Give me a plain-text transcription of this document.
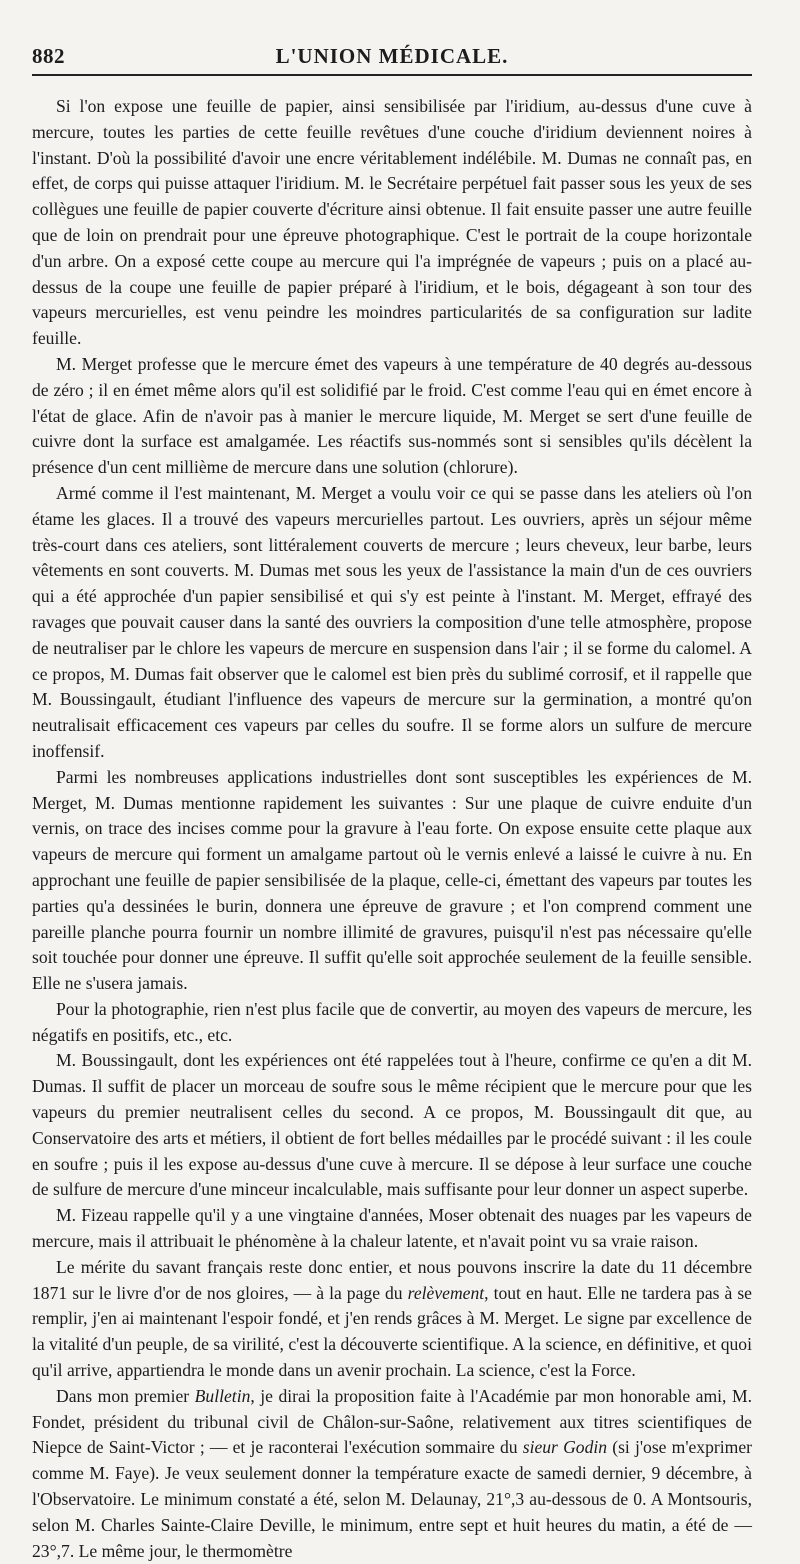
882	L'UNION MÉDICALE.

Si l'on expose une feuille de papier, ainsi sensibilisée par l'iridium, au-dessus d'une cuve à mercure, toutes les parties de cette feuille revêtues d'une couche d'iridium deviennent noires à l'instant. D'où la possibilité d'avoir une encre véritablement indélébile. M. Dumas ne connaît pas, en effet, de corps qui puisse attaquer l'iridium. M. le Secrétaire perpétuel fait passer sous les yeux de ses collègues une feuille de papier couverte d'écriture ainsi obtenue. Il fait ensuite passer une autre feuille que de loin on prendrait pour une épreuve photographique. C'est le portrait de la coupe horizontale d'un arbre. On a exposé cette coupe au mercure qui l'a imprégnée de vapeurs ; puis on a placé au-dessus de la coupe une feuille de papier préparé à l'iridium, et le bois, dégageant à son tour des vapeurs mercurielles, est venu peindre les moindres particularités de sa configuration sur ladite feuille.

M. Merget professe que le mercure émet des vapeurs à une température de 40 degrés au-dessous de zéro ; il en émet même alors qu'il est solidifié par le froid. C'est comme l'eau qui en émet encore à l'état de glace. Afin de n'avoir pas à manier le mercure liquide, M. Merget se sert d'une feuille de cuivre dont la surface est amalgamée. Les réactifs sus-nommés sont si sensibles qu'ils décèlent la présence d'un cent millième de mercure dans une solution (chlorure).

Armé comme il l'est maintenant, M. Merget a voulu voir ce qui se passe dans les ateliers où l'on étame les glaces. Il a trouvé des vapeurs mercurielles partout. Les ouvriers, après un séjour même très-court dans ces ateliers, sont littéralement couverts de mercure ; leurs cheveux, leur barbe, leurs vêtements en sont couverts. M. Dumas met sous les yeux de l'assistance la main d'un de ces ouvriers qui a été approchée d'un papier sensibilisé et qui s'y est peinte à l'instant. M. Merget, effrayé des ravages que pouvait causer dans la santé des ouvriers la composition d'une telle atmosphère, propose de neutraliser par le chlore les vapeurs de mercure en suspension dans l'air ; il se forme du calomel. A ce propos, M. Dumas fait observer que le calomel est bien près du sublimé corrosif, et il rappelle que M. Boussingault, étudiant l'influence des vapeurs de mercure sur la germination, a montré qu'on neutralisait efficacement ces vapeurs par celles du soufre. Il se forme alors un sulfure de mercure inoffensif.

Parmi les nombreuses applications industrielles dont sont susceptibles les expériences de M. Merget, M. Dumas mentionne rapidement les suivantes : Sur une plaque de cuivre enduite d'un vernis, on trace des incises comme pour la gravure à l'eau forte. On expose ensuite cette plaque aux vapeurs de mercure qui forment un amalgame partout où le vernis enlevé a laissé le cuivre à nu. En approchant une feuille de papier sensibilisée de la plaque, celle-ci, émettant des vapeurs par toutes les parties qu'a dessinées le burin, donnera une épreuve de gravure ; et l'on comprend comment une pareille planche pourra fournir un nombre illimité de gravures, puisqu'il n'est pas nécessaire qu'elle soit touchée pour donner une épreuve. Il suffit qu'elle soit approchée seulement de la feuille sensible. Elle ne s'usera jamais.

Pour la photographie, rien n'est plus facile que de convertir, au moyen des vapeurs de mercure, les négatifs en positifs, etc., etc.

M. Boussingault, dont les expériences ont été rappelées tout à l'heure, confirme ce qu'en a dit M. Dumas. Il suffit de placer un morceau de soufre sous le même récipient que le mercure pour que les vapeurs du premier neutralisent celles du second. A ce propos, M. Boussingault dit que, au Conservatoire des arts et métiers, il obtient de fort belles médailles par le procédé suivant : il les coule en soufre ; puis il les expose au-dessus d'une cuve à mercure. Il se dépose à leur surface une couche de sulfure de mercure d'une minceur incalculable, mais suffisante pour leur donner un aspect superbe.

M. Fizeau rappelle qu'il y a une vingtaine d'années, Moser obtenait des nuages par les vapeurs de mercure, mais il attribuait le phénomène à la chaleur latente, et n'avait point vu sa vraie raison.

Le mérite du savant français reste donc entier, et nous pouvons inscrire la date du 11 décembre 1871 sur le livre d'or de nos gloires, — à la page du relèvement, tout en haut. Elle ne tardera pas à se remplir, j'en ai maintenant l'espoir fondé, et j'en rends grâces à M. Merget. Le signe par excellence de la vitalité d'un peuple, de sa virilité, c'est la découverte scientifique. A la science, en définitive, et quoi qu'il arrive, appartiendra le monde dans un avenir prochain. La science, c'est la Force.

Dans mon premier Bulletin, je dirai la proposition faite à l'Académie par mon honorable ami, M. Fondet, président du tribunal civil de Châlon-sur-Saône, relativement aux titres scientifiques de Niepce de Saint-Victor ; — et je raconterai l'exécution sommaire du sieur Godin (si j'ose m'exprimer comme M. Faye). Je veux seulement donner la température exacte de samedi dernier, 9 décembre, à l'Observatoire. Le minimum constaté a été, selon M. Delaunay, 21°,3 au-dessous de 0. A Montsouris, selon M. Charles Sainte-Claire Deville, le minimum, entre sept et huit heures du matin, a été de — 23°,7. Le même jour, le thermomètre
